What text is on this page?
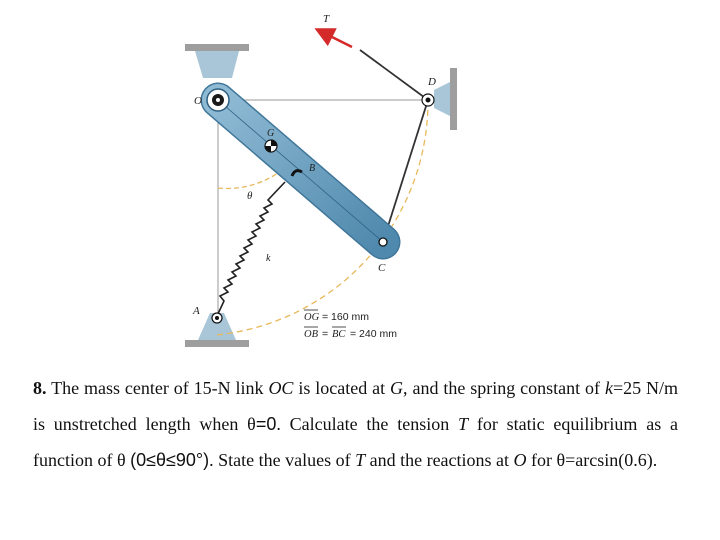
T
D
O
G
B
θ
k
C
A
OG = 160 mm
OB = BC = 240 mm
8. The mass center of 15-N link OC is located at G, and the spring constant of k=25 N/m is unstretched length when θ=0. Calculate the tension T for static equilibrium as a function of θ (0≤θ≤90°). State the values of T and the reactions at O for θ=arcsin(0.6).
